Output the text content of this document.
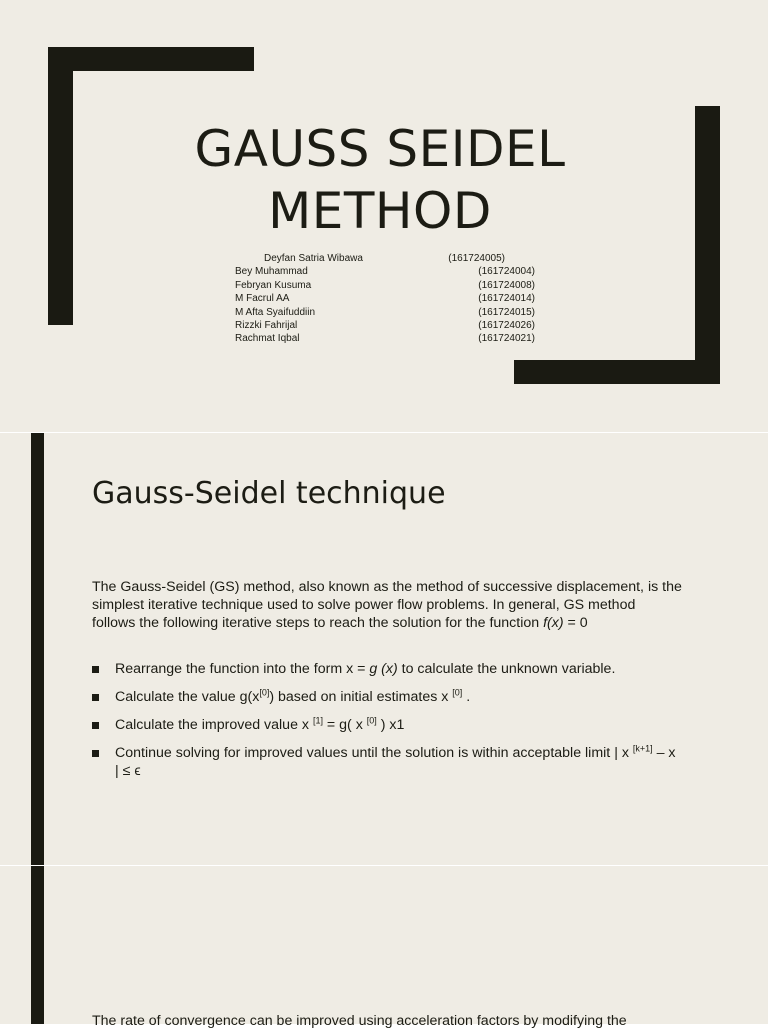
GAUSS SEIDEL
METHOD
Deyfan Satria Wibawa	(161724005)
Bey Muhammad	(161724004)
Febryan Kusuma	(161724008)
M Facrul AA	(161724014)
M Afta Syaifuddiin	(161724015)
Rizzki Fahrijal	(161724026)
Rachmat Iqbal	(161724021)
Gauss-Seidel technique
The Gauss-Seidel (GS) method, also known as the method of successive displacement, is the simplest iterative technique used to solve power flow problems. In general, GS method follows the following iterative steps to reach the solution for the function f(x) = 0
Rearrange the function into the form x = g (x) to calculate the unknown variable.
Calculate the value g(x[0]) based on initial estimates x [0] .
Calculate the improved value x [1] = g( x [0] ) x1
Continue solving for improved values until the solution is within acceptable limit | x [k+1] – x | ≤ ϵ
The rate of convergence can be improved using acceleration factors by modifying the
